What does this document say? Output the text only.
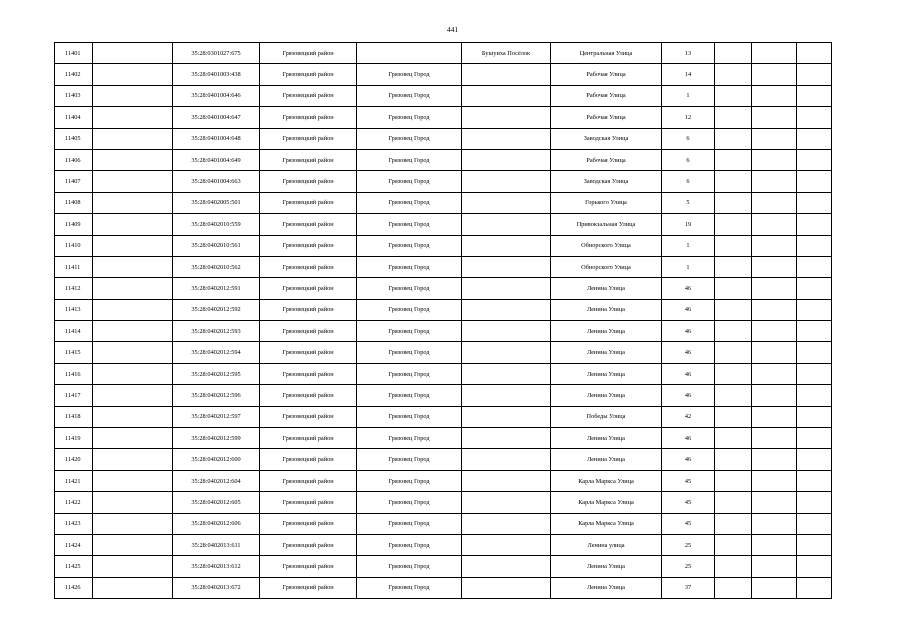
441
11401		35:28:0301027:675	Грязовецкий район		Бушуиха Посёлок	Центральная Улица	13			
11402		35:28:0401003:438	Грязовецкий район	Грязовец Город		Рабочая Улица	14			
11403		35:28:0401004:646	Грязовецкий район	Грязовец Город		Рабочая Улица	1			
11404		35:28:0401004:647	Грязовецкий район	Грязовец Город		Рабочая Улица	12			
11405		35:28:0401004:648	Грязовецкий район	Грязовец Город		Заводская Улица	6			
11406		35:28:0401004:649	Грязовецкий район	Грязовец Город		Рабочая Улица	6			
11407		35:28:0401004:663	Грязовецкий район	Грязовец Город		Заводская Улица	6			
11408		35:28:0402005:501	Грязовецкий район	Грязовец Город		Горького Улица	5			
11409		35:28:0402010:559	Грязовецкий район	Грязовец Город		Привокзальная Улица	19			
11410		35:28:0402010:561	Грязовецкий район	Грязовец Город		Обнорского Улица	1			
11411		35:28:0402010:562	Грязовецкий район	Грязовец Город		Обнорского Улица	1			
11412		35:28:0402012:591	Грязовецкий район	Грязовец Город		Ленина Улица	46			
11413		35:28:0402012:592	Грязовецкий район	Грязовец Город		Ленина Улица	46			
11414		35:28:0402012:593	Грязовецкий район	Грязовец Город		Ленина Улица	46			
11415		35:28:0402012:594	Грязовецкий район	Грязовец Город		Ленина Улица	46			
11416		35:28:0402012:595	Грязовецкий район	Грязовец Город		Ленина Улица	46			
11417		35:28:0402012:596	Грязовецкий район	Грязовец Город		Ленина Улица	46			
11418		35:28:0402012:597	Грязовецкий район	Грязовец Город		Победы Улица	42			
11419		35:28:0402012:599	Грязовецкий район	Грязовец Город		Ленина Улица	46			
11420		35:28:0402012:600	Грязовецкий район	Грязовец Город		Ленина Улица	46			
11421		35:28:0402012:604	Грязовецкий район	Грязовец Город		Карла Маркса Улица	45			
11422		35:28:0402012:605	Грязовецкий район	Грязовец Город		Карла Маркса Улица	45			
11423		35:28:0402012:606	Грязовецкий район	Грязовец Город		Карла Маркса Улица	45			
11424		35:28:0402013:611	Грязовецкий район	Грязовец Город		Ленина улица	25			
11425		35:28:0402013:612	Грязовецкий район	Грязовец Город		Ленина Улица	25			
11426		35:28:0402013:672	Грязовецкий район	Грязовец Город		Ленина Улица	37			
